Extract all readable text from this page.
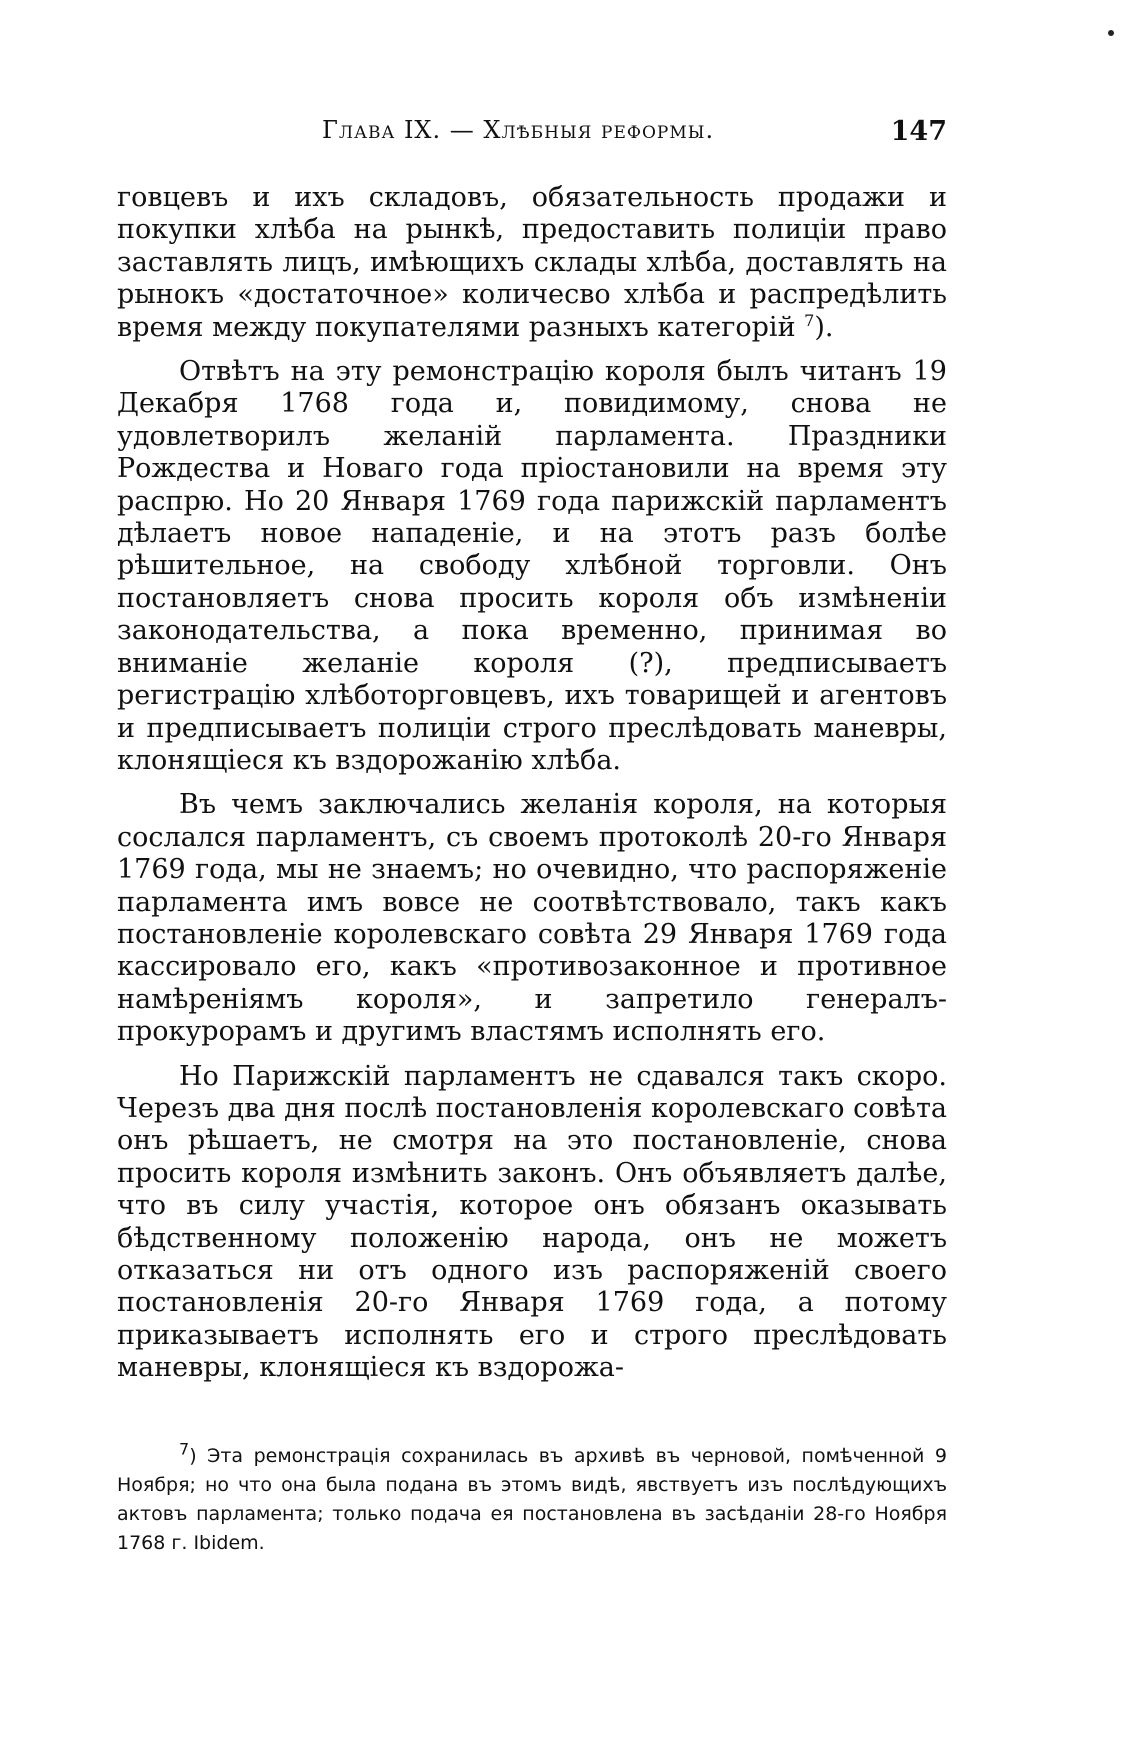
Глава IX. — Хлѣбныя реформы.	147

говцевъ и ихъ складовъ, обязательность продажи и покупки хлѣба на рынкѣ, предоставить полиціи право заставлять лицъ, имѣющихъ склады хлѣба, доставлять на рынокъ «достаточное» количесво хлѣба и распредѣлить время между покупателями разныхъ категорій $^7$).

Отвѣтъ на эту ремонстрацію короля былъ читанъ 19 Декабря 1768 года и, повидимому, снова не удовлетворилъ желаній парламента. Праздники Рождества и Новаго года пріостановили на время эту распрю. Но 20 Января 1769 года парижскій парламентъ дѣлаетъ новое нападеніе, и на этотъ разъ болѣе рѣшительное, на свободу хлѣбной торговли. Онъ постановляетъ снова просить короля объ измѣненіи законодательства, а пока временно, принимая во вниманіе желаніе короля (?), предписываетъ регистрацію хлѣботорговцевъ, ихъ товарищей и агентовъ и предписываетъ полиціи строго преслѣдовать маневры, клонящіеся къ вздорожанію хлѣба.

Въ чемъ заключались желанія короля, на которыя сослался парламентъ, съ своемъ протоколѣ 20-го Января 1769 года, мы не знаемъ; но очевидно, что распоряженіе парламента имъ вовсе не соотвѣтствовало, такъ какъ постановленіе королевскаго совѣта 29 Января 1769 года кассировало его, какъ «противозаконное и противное намѣреніямъ короля», и запретило генералъ-прокурорамъ и другимъ властямъ исполнять его.

Но Парижскій парламентъ не сдавался такъ скоро. Черезъ два дня послѣ постановленія королевскаго совѣта онъ рѣшаетъ, не смотря на это постановленіе, снова просить короля измѣнить законъ. Онъ объявляетъ далѣе, что въ силу участія, которое онъ обязанъ оказывать бѣдственному положенію народа, онъ не можетъ отказаться ни отъ одного изъ распоряженій своего постановленія 20-го Января 1769 года, а потому приказываетъ исполнять его и строго преслѣдовать маневры, клонящіеся къ вздорожа-

$^7$) Эта ремонстрація сохранилась въ архивѣ въ черновой, помѣченной 9 Ноября; но что она была подана въ этомъ видѣ, явствуетъ изъ послѣдующихъ актовъ парламента; только подача ея постановлена въ засѣданіи 28-го Ноября 1768 г. Ibidem.
